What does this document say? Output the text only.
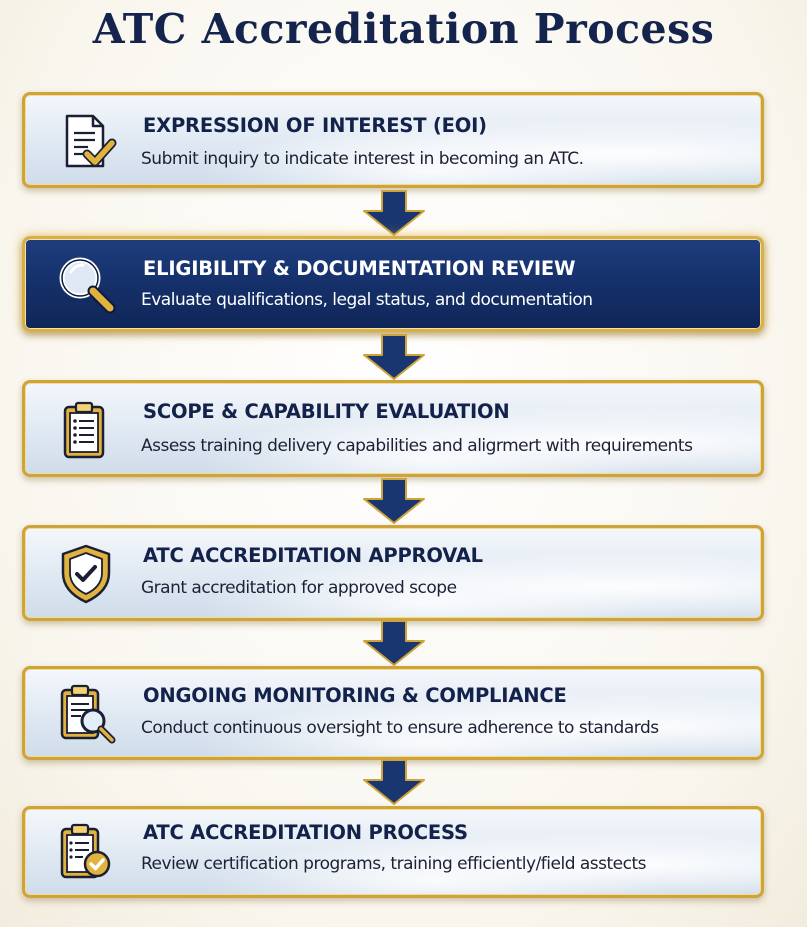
ATC Accreditation Process
EXPRESSION OF INTEREST (EOI)
Submit inquiry to indicate interest in becoming an ATC.
ELIGIBILITY & DOCUMENTATION REVIEW
Evaluate qualifications, legal status, and documentation
SCOPE & CAPABILITY EVALUATION
Assess training delivery capabilities and aligrmert with requirements
ATC ACCREDITATION APPROVAL
Grant accreditation for approved scope
ONGOING MONITORING & COMPLIANCE
Conduct continuous oversight to ensure adherence to standards
ATC ACCREDITATION PROCESS
Review certification programs, training efficiently/field asstects
